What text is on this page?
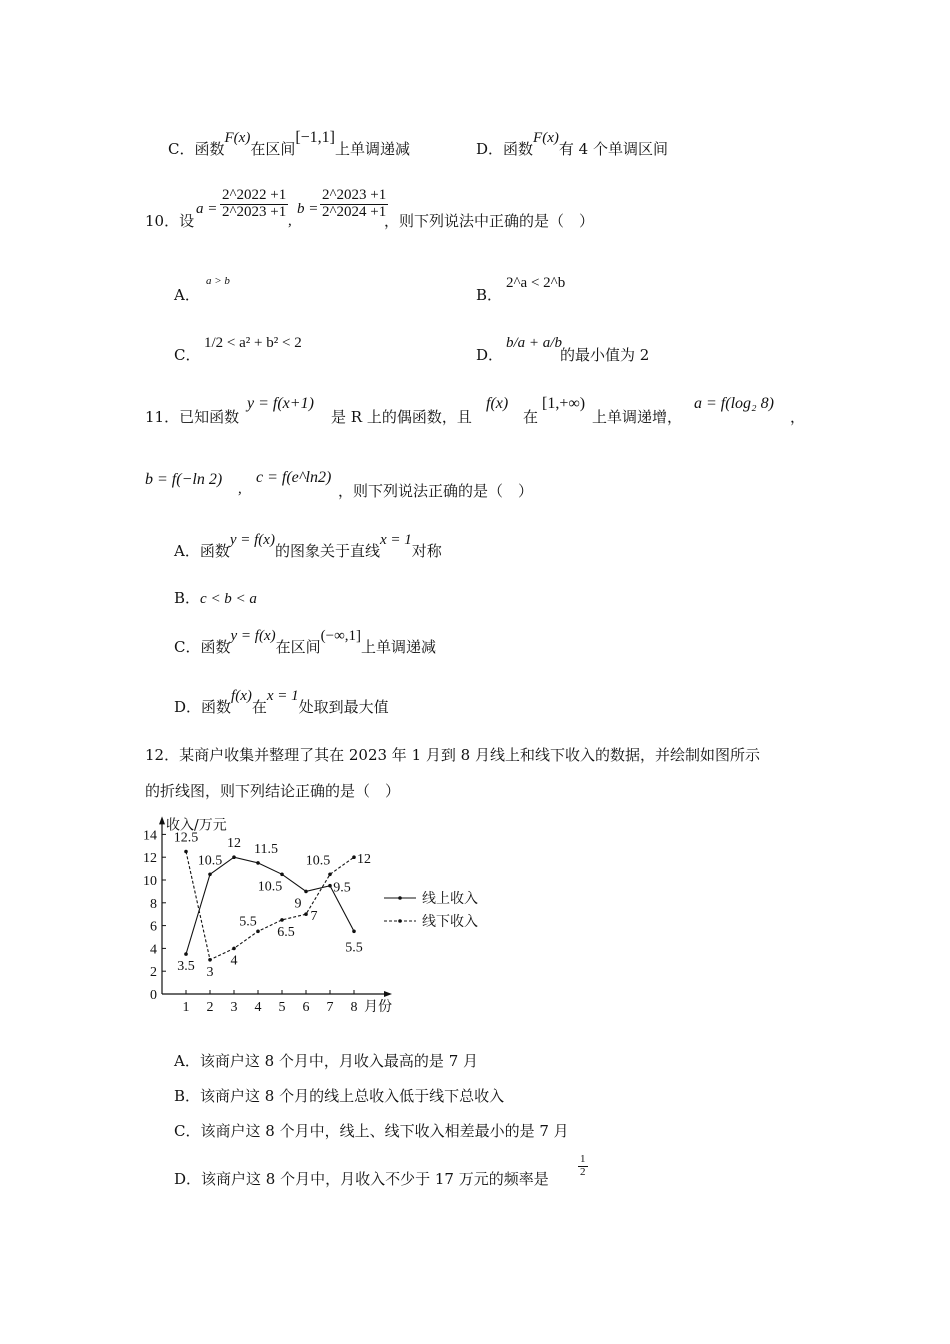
C．函数F(x)在区间[−1,1]上单调递减	D．函数F(x)有 4 个单调区间
10．设
$a = \frac{2\^{}2022 +1}{2\^{}2023 +1}$
,
$b = \frac{2\^{}2023 +1}{2\^{}2024 +1}$
，则下列说法中正确的是（　）
A．
a > b
B．
2^a < 2^b
C．
1/2 < a² + b² < 2
D．
b/a + a/b
的最小值为 2
11．已知函数
y = f(x+1)
是 R 上的偶函数，且
f(x)
在
[1,+∞)
上单调递增，
a = f(log₂ 8)
，
b = f(−ln 2)
,
c = f(e^ln2)
，则下列说法正确的是（　）
A．函数y = f(x)的图象关于直线x = 1对称
B．c < b < a
C．函数y = f(x)在区间(−∞,1]上单调递减
D．函数f(x)在x = 1处取到最大值
12．某商户收集并整理了其在 2023 年 1 月到 8 月线上和线下收入的数据，并绘制如图所示
的折线图，则下列结论正确的是（　）
收入/万元
月份
0
2
4
6
8
10
12
14
1 2 3 4 5 6 7 8
3.5
10.5
12 11.5
10.5
9
9.5
5.5
12.5
3
4
5.5
6.5
7
10.5 12
线上收入
线下收入
A．该商户这 8 个月中，月收入最高的是 7 月
B．该商户这 8 个月的线上总收入低于线下总收入
C．该商户这 8 个月中，线上、线下收入相差最小的是 7 月
D．该商户这 8 个月中，月收入不少于 17 万元的频率是
$\frac{1}{2}$
